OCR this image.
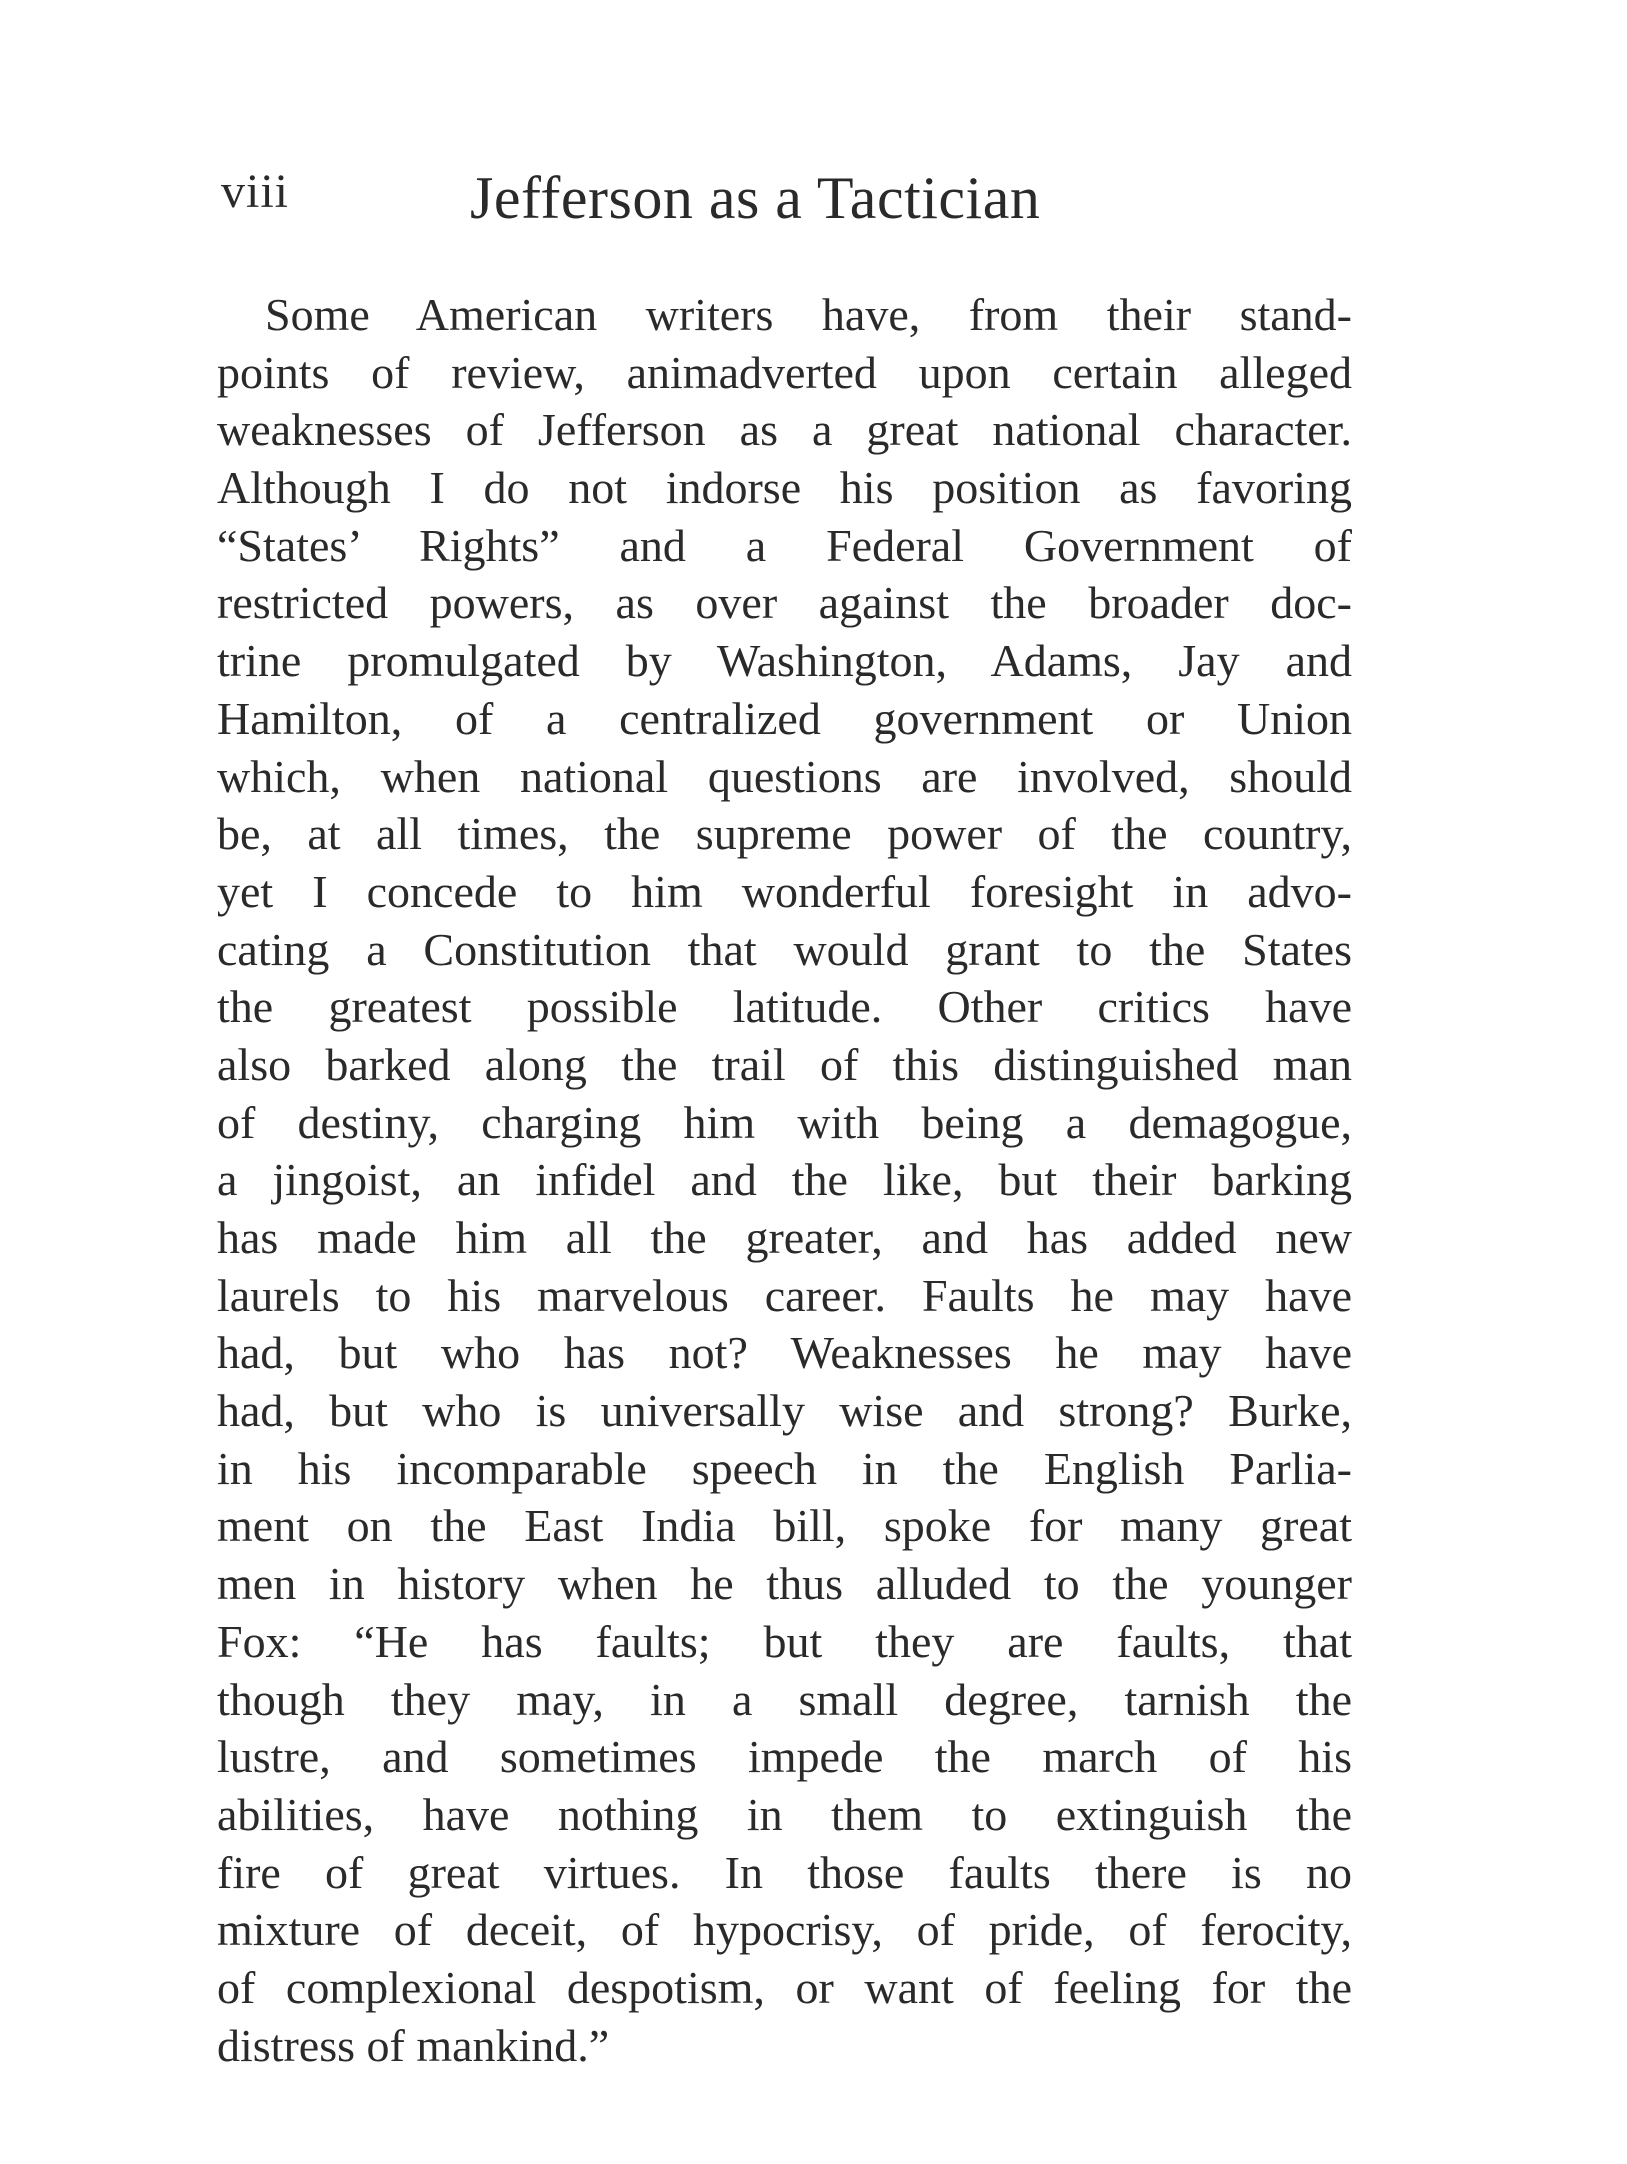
viii	Jefferson as a Tactician
Some American writers have, from their stand-
points of review, animadverted upon certain alleged
weaknesses of Jefferson as a great national character.
Although I do not indorse his position as favoring
“States’ Rights” and a Federal Government of
restricted powers, as over against the broader doc-
trine promulgated by Washington, Adams, Jay and
Hamilton, of a centralized government or Union
which, when national questions are involved, should
be, at all times, the supreme power of the country,
yet I concede to him wonderful foresight in advo-
cating a Constitution that would grant to the States
the greatest possible latitude. Other critics have
also barked along the trail of this distinguished man
of destiny, charging him with being a demagogue,
a jingoist, an infidel and the like, but their barking
has made him all the greater, and has added new
laurels to his marvelous career. Faults he may have
had, but who has not? Weaknesses he may have
had, but who is universally wise and strong? Burke,
in his incomparable speech in the English Parlia-
ment on the East India bill, spoke for many great
men in history when he thus alluded to the younger
Fox: “He has faults; but they are faults, that
though they may, in a small degree, tarnish the
lustre, and sometimes impede the march of his
abilities, have nothing in them to extinguish the
fire of great virtues. In those faults there is no
mixture of deceit, of hypocrisy, of pride, of ferocity,
of complexional despotism, or want of feeling for the
distress of mankind.”
